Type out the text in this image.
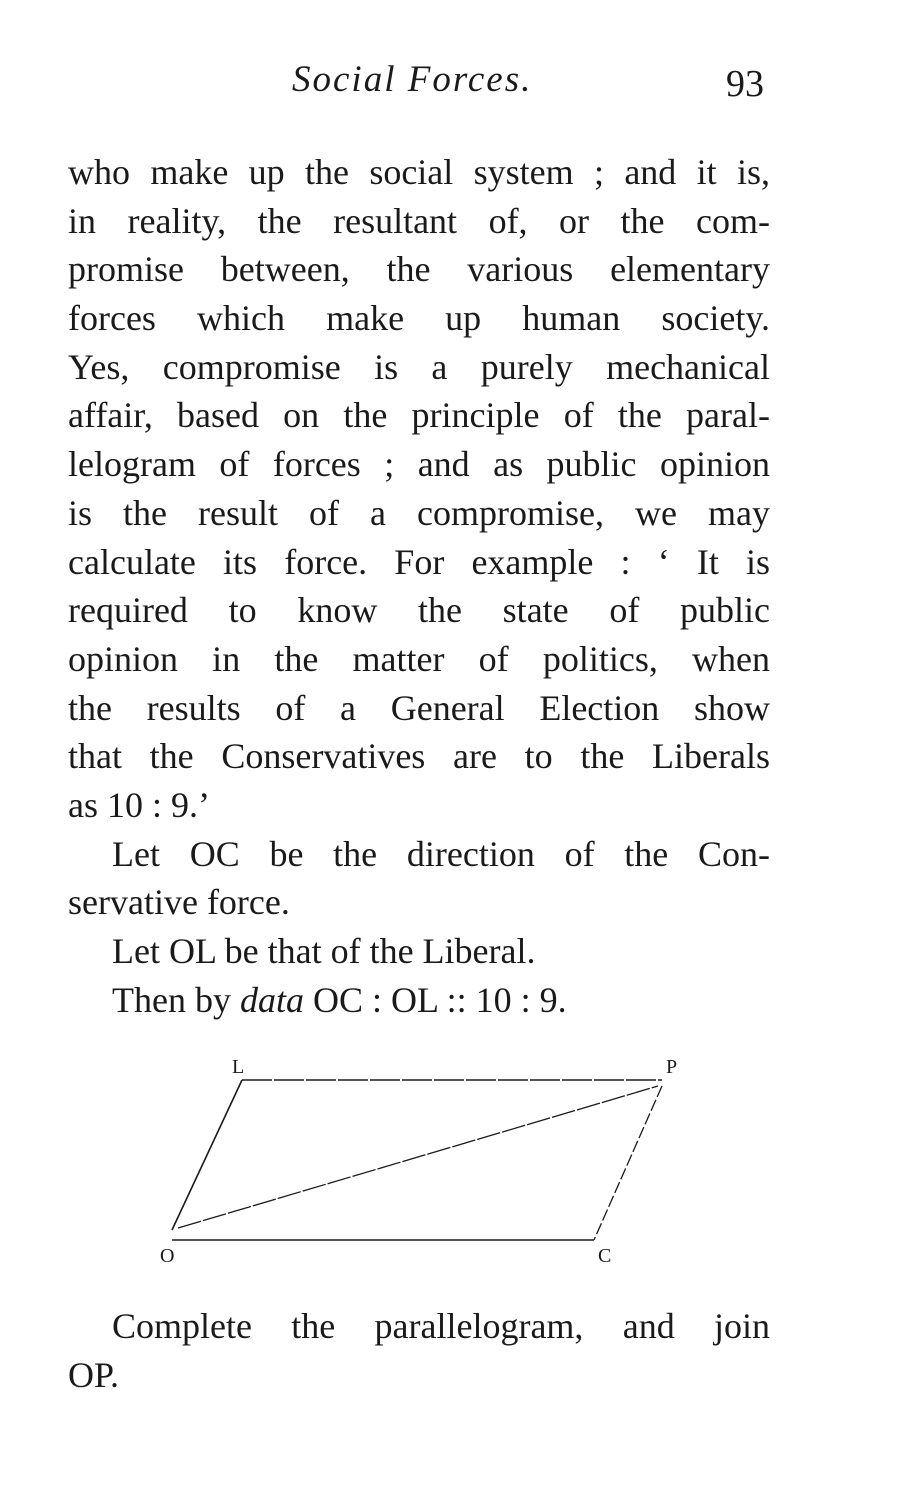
Social Forces.	93
who make up the social system ; and it is,
in reality, the resultant of, or the com-
promise between, the various elementary
forces which make up human society.
Yes, compromise is a purely mechanical
affair, based on the principle of the paral-
lelogram of forces ; and as public opinion
is the result of a compromise, we may
calculate its force. For example : ‘ It is
required to know the state of public
opinion in the matter of politics, when
the results of a General Election show
that the Conservatives are to the Liberals
as 10 : 9.’
Let OC be the direction of the Con-
servative force.
Let OL be that of the Liberal.
Then by data OC : OL :: 10 : 9.
L	P
O	C
Complete the parallelogram, and join
OP.
